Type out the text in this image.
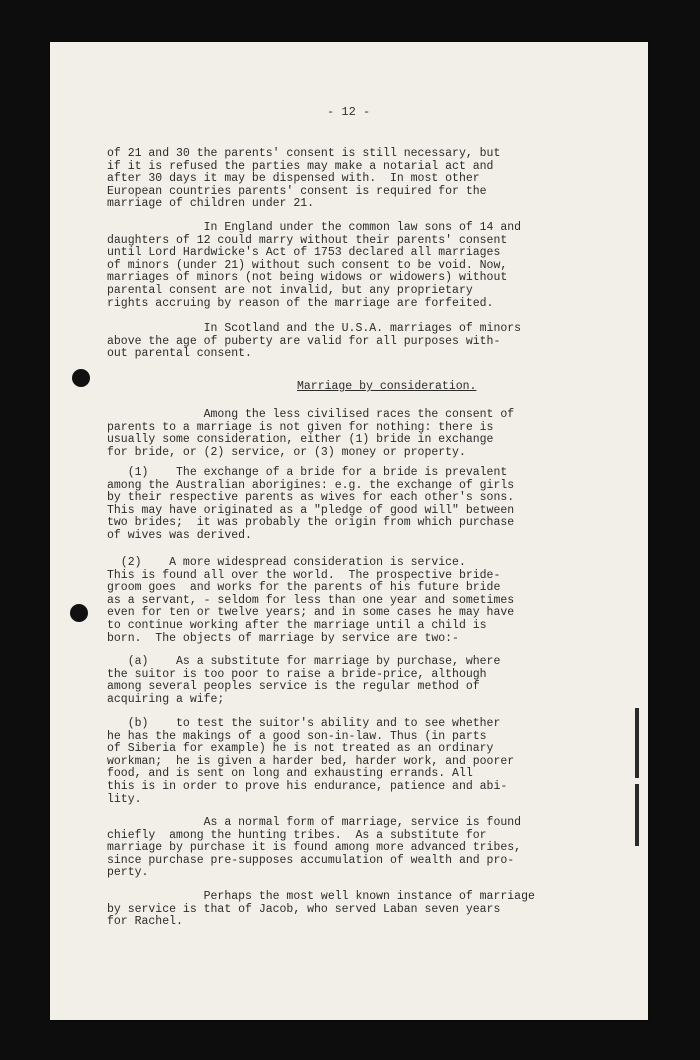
- 12 -
of 21 and 30 the parents' consent is still necessary, but
if it is refused the parties may make a notarial act and
after 30 days it may be dispensed with.  In most other
European countries parents' consent is required for the
marriage of children under 21.
In England under the common law sons of 14 and
daughters of 12 could marry without their parents' consent
until Lord Hardwicke's Act of 1753 declared all marriages
of minors (under 21) without such consent to be void. Now,
marriages of minors (not being widows or widowers) without
parental consent are not invalid, but any proprietary
rights accruing by reason of the marriage are forfeited.
In Scotland and the U.S.A. marriages of minors
above the age of puberty are valid for all purposes with-
out parental consent.
Marriage by consideration.
Among the less civilised races the consent of
parents to a marriage is not given for nothing: there is
usually some consideration, either (1) bride in exchange
for bride, or (2) service, or (3) money or property.
(1)    The exchange of a bride for a bride is prevalent
among the Australian aborigines: e.g. the exchange of girls
by their respective parents as wives for each other's sons.
This may have originated as a "pledge of good will" between
two brides;  it was probably the origin from which purchase
of wives was derived.
(2)    A more widespread consideration is service.
This is found all over the world.  The prospective bride-
groom goes  and works for the parents of his future bride
as a servant, - seldom for less than one year and sometimes
even for ten or twelve years; and in some cases he may have
to continue working after the marriage until a child is
born.  The objects of marriage by service are two:-
(a)    As a substitute for marriage by purchase, where
the suitor is too poor to raise a bride-price, although
among several peoples service is the regular method of
acquiring a wife;
(b)    to test the suitor's ability and to see whether
he has the makings of a good son-in-law. Thus (in parts
of Siberia for example) he is not treated as an ordinary
workman;  he is given a harder bed, harder work, and poorer
food, and is sent on long and exhausting errands. All
this is in order to prove his endurance, patience and abi-
lity.
As a normal form of marriage, service is found
chiefly  among the hunting tribes.  As a substitute for
marriage by purchase it is found among more advanced tribes,
since purchase pre-supposes accumulation of wealth and pro-
perty.
Perhaps the most well known instance of marriage
by service is that of Jacob, who served Laban seven years
for Rachel.
